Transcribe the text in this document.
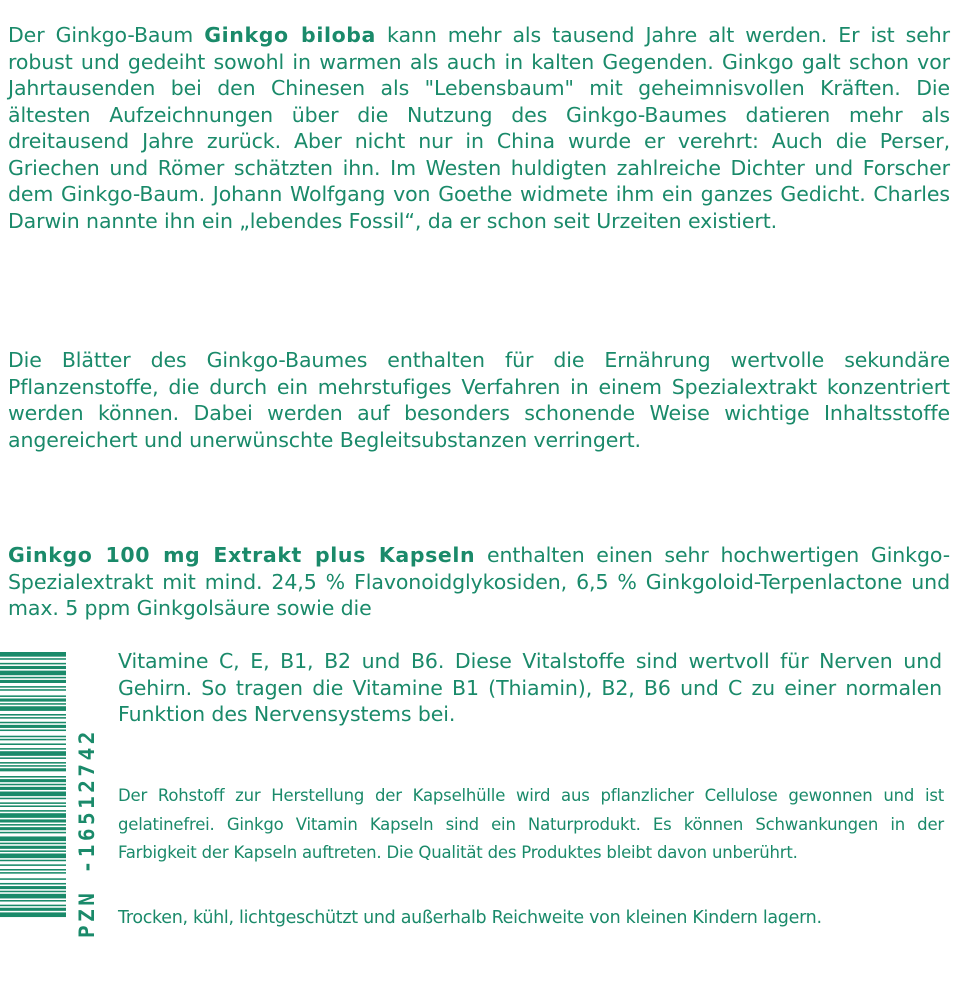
Der Ginkgo-Baum Ginkgo biloba kann mehr als tausend Jahre alt werden. Er ist sehr robust und gedeiht sowohl in warmen als auch in kalten Gegenden. Ginkgo galt schon vor Jahrtausenden bei den Chinesen als "Lebensbaum" mit geheimnisvollen Kräften. Die ältesten Aufzeichnungen über die Nutzung des Ginkgo-Baumes datieren mehr als dreitausend Jahre zurück. Aber nicht nur in China wurde er verehrt: Auch die Perser, Griechen und Römer schätzten ihn. Im Westen huldigten zahlreiche Dichter und Forscher dem Ginkgo-Baum. Johann Wolfgang von Goethe widmete ihm ein ganzes Gedicht. Charles Darwin nannte ihn ein „lebendes Fossil“, da er schon seit Urzeiten existiert.

Die Blätter des Ginkgo-Baumes enthalten für die Ernährung wertvolle sekundäre Pflanzenstoffe, die durch ein mehrstufiges Verfahren in einem Spezialextrakt konzentriert werden können. Dabei werden auf besonders schonende Weise wichtige Inhaltsstoffe angereichert und unerwünschte Begleitsubstanzen verringert.

Ginkgo 100 mg Extrakt plus Kapseln enthalten einen sehr hochwertigen Ginkgo-Spezialextrakt mit mind. 24,5 % Flavonoidglykosiden, 6,5 % Ginkgoloid-Terpenlactone und max. 5 ppm Ginkgolsäure sowie die

Vitamine C, E, B1, B2 und B6. Diese Vitalstoffe sind wertvoll für Nerven und Gehirn. So tragen die Vitamine B1 (Thiamin), B2, B6 und C zu einer normalen Funktion des Nervensystems bei.

Der Rohstoff zur Herstellung der Kapselhülle wird aus pflanzlicher Cellulose gewonnen und ist gelatinefrei. Ginkgo Vitamin Kapseln sind ein Naturprodukt. Es können Schwankungen in der Farbigkeit der Kapseln auftreten. Die Qualität des Produktes bleibt davon unberührt.

Trocken, kühl, lichtgeschützt und außerhalb Reichweite von kleinen Kindern lagern.

PZN -16512742
